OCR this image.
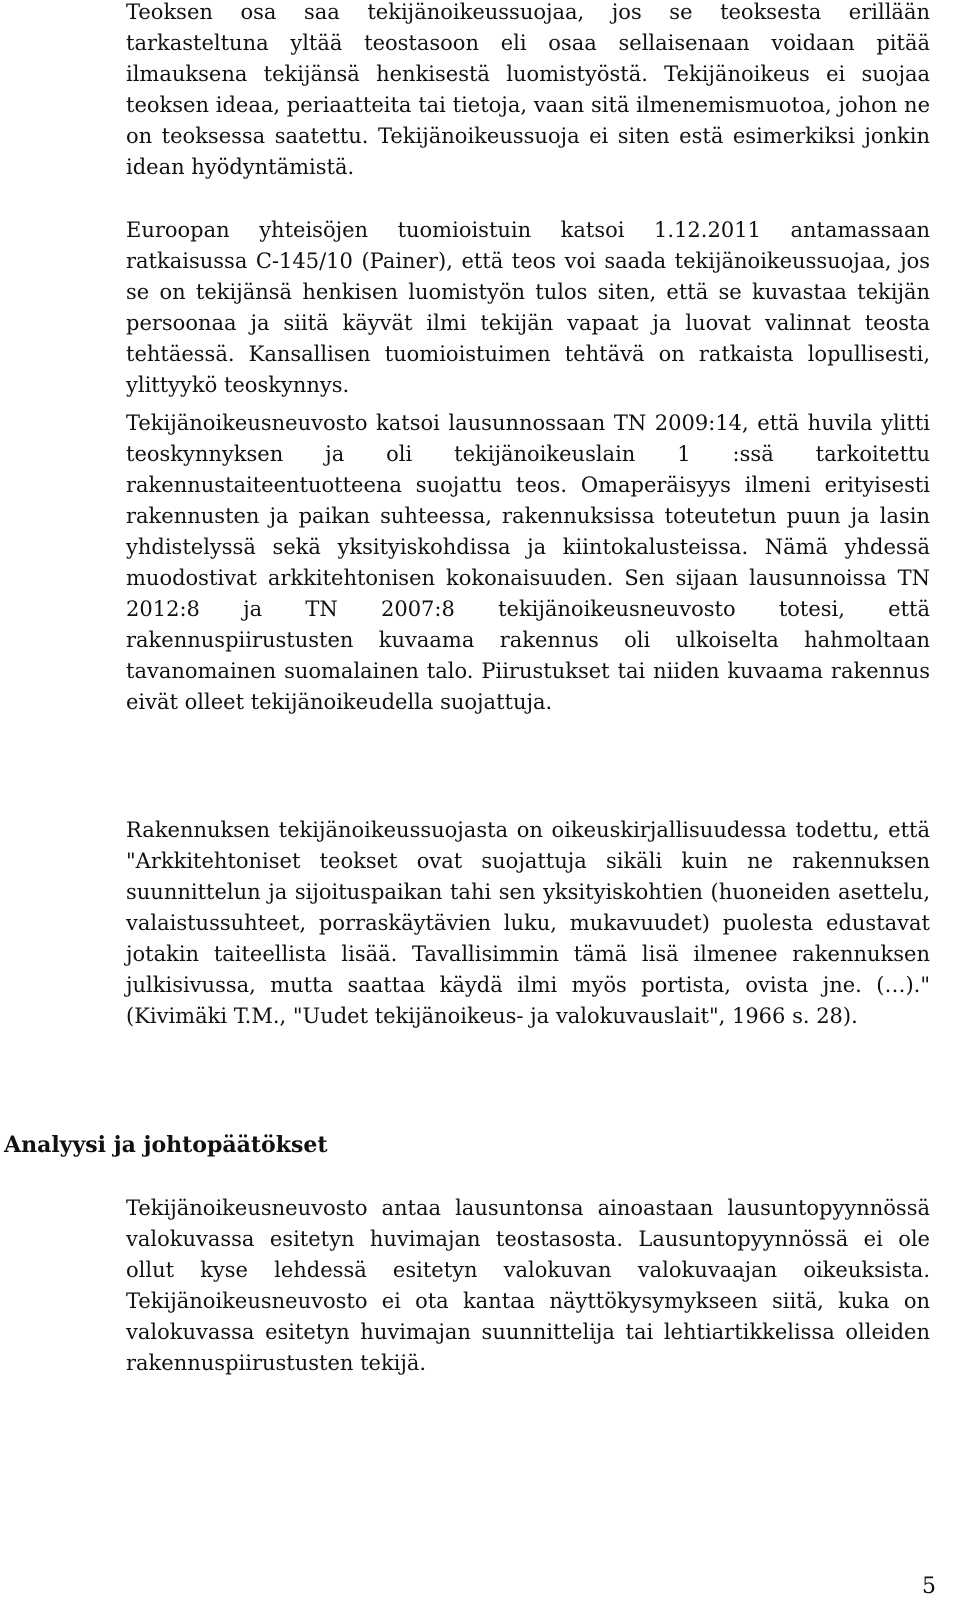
Teoksen osa saa tekijänoikeussuojaa, jos se teoksesta erillään tarkasteltuna yltää teostasoon eli osaa sellaisenaan voidaan pitää ilmauksena tekijänsä henkisestä luomistyöstä. Tekijänoikeus ei suojaa teoksen ideaa, periaatteita tai tietoja, vaan sitä ilmenemismuotoa, johon ne on teoksessa saatettu. Tekijänoikeussuoja ei siten estä esimerkiksi jonkin idean hyödyntämistä.

Euroopan yhteisöjen tuomioistuin katsoi 1.12.2011 antamassaan ratkaisussa C-145/10 (Painer), että teos voi saada tekijänoikeussuojaa, jos se on tekijänsä henkisen luomistyön tulos siten, että se kuvastaa tekijän persoonaa ja siitä käyvät ilmi tekijän vapaat ja luovat valinnat teosta tehtäessä. Kansallisen tuomioistuimen tehtävä on ratkaista lopullisesti, ylittyykö teoskynnys.

Tekijänoikeusneuvosto katsoi lausunnossaan TN 2009:14, että huvila ylitti teoskynnyksen ja oli tekijänoikeuslain 1 :ssä tarkoitettu rakennustaiteentuotteena suojattu teos. Omaperäisyys ilmeni erityisesti rakennusten ja paikan suhteessa, rakennuksissa toteutetun puun ja lasin yhdistelyssä sekä yksityiskohdissa ja kiintokalusteissa. Nämä yhdessä muodostivat arkkitehtonisen kokonaisuuden. Sen sijaan lausunnoissa TN 2012:8 ja TN 2007:8 tekijänoikeusneuvosto totesi, että rakennuspiirustusten kuvaama rakennus oli ulkoiselta hahmoltaan tavanomainen suomalainen talo. Piirustukset tai niiden kuvaama rakennus eivät olleet tekijänoikeudella suojattuja.

Rakennuksen tekijänoikeussuojasta on oikeuskirjallisuudessa todettu, että "Arkkitehtoniset teokset ovat suojattuja sikäli kuin ne rakennuksen suunnittelun ja sijoituspaikan tahi sen yksityiskohtien (huoneiden asettelu, valaistussuhteet, porraskäytävien luku, mukavuudet) puolesta edustavat jotakin taiteellista lisää. Tavallisimmin tämä lisä ilmenee rakennuksen julkisivussa, mutta saattaa käydä ilmi myös portista, ovista jne. (…)." (Kivimäki T.M., "Uudet tekijänoikeus- ja valokuvauslait", 1966 s. 28).

Analyysi ja johtopäätökset

Tekijänoikeusneuvosto antaa lausuntonsa ainoastaan lausuntopyynnössä valokuvassa esitetyn huvimajan teostasosta. Lausuntopyynnössä ei ole ollut kyse lehdessä esitetyn valokuvan valokuvaajan oikeuksista. Tekijänoikeusneuvosto ei ota kantaa näyttökysymykseen siitä, kuka on valokuvassa esitetyn huvimajan suunnittelija tai lehtiartikkelissa olleiden rakennuspiirustusten tekijä.

5
